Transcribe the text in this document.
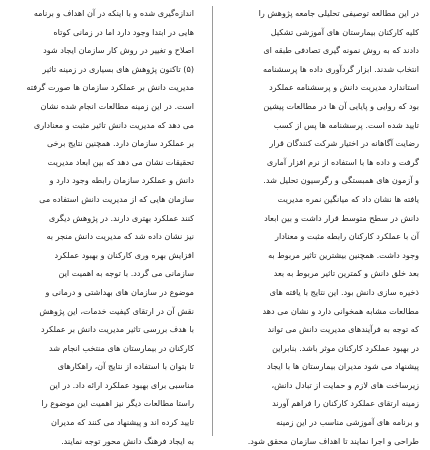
اندازه‌گیری شده و با اینکه در آن اهداف و برنامه
هایی در ابتدا وجود دارد اما در زمانی کوتاه
اصلاح و تغییر در روش کار سازمان ایجاد شود
(۵) تاکنون پژوهش های بسیاری در زمینه تاثیر
مدیریت دانش بر عملکرد سازمان ها صورت گرفته
است. در این زمینه مطالعات انجام شده نشان
می دهد که مدیریت دانش تاثیر مثبت و معناداری
بر عملکرد سازمان دارد. همچنین نتایج برخی
تحقیقات نشان می دهد که بین ابعاد مدیریت
دانش و عملکرد سازمان رابطه وجود دارد و
سازمان هایی که از مدیریت دانش استفاده می
کنند عملکرد بهتری دارند. در پژوهش دیگری
نیز نشان داده شد که مدیریت دانش منجر به
افزایش بهره وری کارکنان و بهبود عملکرد
سازمانی می گردد. با توجه به اهمیت این
موضوع در سازمان های بهداشتی و درمانی و
نقش آن در ارتقای کیفیت خدمات، این پژوهش
با هدف بررسی تاثیر مدیریت دانش بر عملکرد
کارکنان در بیمارستان های منتخب انجام شد
تا بتوان با استفاده از نتایج آن، راهکارهای
مناسبی برای بهبود عملکرد ارائه داد. در این
راستا مطالعات دیگر نیز اهمیت این موضوع را
تایید کرده اند و پیشنهاد می کنند که مدیران
به ایجاد فرهنگ دانش محور توجه نمایند.
در این مطالعه توصیفی تحلیلی جامعه پژوهش را
کلیه کارکنان بیمارستان های آموزشی تشکیل
دادند که به روش نمونه گیری تصادفی طبقه ای
انتخاب شدند. ابزار گردآوری داده ها پرسشنامه
استاندارد مدیریت دانش و پرسشنامه عملکرد
بود که روایی و پایایی آن ها در مطالعات پیشین
تایید شده است. پرسشنامه ها پس از کسب
رضایت آگاهانه در اختیار شرکت کنندگان قرار
گرفت و داده ها با استفاده از نرم افزار آماری
و آزمون های همبستگی و رگرسیون تحلیل شد.
یافته ها نشان داد که میانگین نمره مدیریت
دانش در سطح متوسط قرار داشت و بین ابعاد
آن با عملکرد کارکنان رابطه مثبت و معنادار
وجود داشت. همچنین بیشترین تاثیر مربوط به
بعد خلق دانش و کمترین تاثیر مربوط به بعد
ذخیره سازی دانش بود. این نتایج با یافته های
مطالعات مشابه همخوانی دارد و نشان می دهد
که توجه به فرآیندهای مدیریت دانش می تواند
در بهبود عملکرد کارکنان موثر باشد. بنابراین
پیشنهاد می شود مدیران بیمارستان ها با ایجاد
زیرساخت های لازم و حمایت از تبادل دانش،
زمینه ارتقای عملکرد کارکنان را فراهم آورند
و برنامه های آموزشی مناسب در این زمینه
طراحی و اجرا نمایند تا اهداف سازمان محقق شود.
